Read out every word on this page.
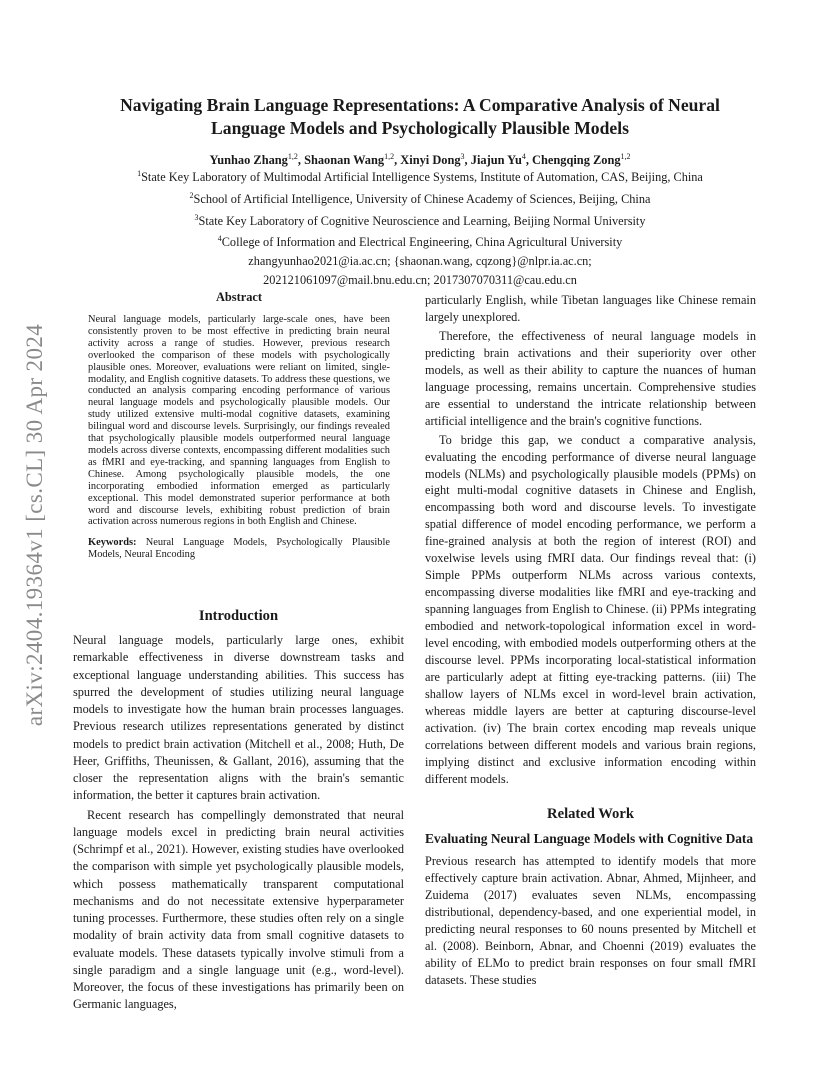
arXiv:2404.19364v1 [cs.CL] 30 Apr 2024
Navigating Brain Language Representations: A Comparative Analysis of Neural
Language Models and Psychologically Plausible Models
Yunhao Zhang$^{1,2}$, Shaonan Wang$^{1,2}$, Xinyi Dong$^3$, Jiajun Yu$^4$, Chengqing Zong$^{1,2}$
$^1$State Key Laboratory of Multimodal Artificial Intelligence Systems, Institute of Automation, CAS, Beijing, China
$^2$School of Artificial Intelligence, University of Chinese Academy of Sciences, Beijing, China
$^3$State Key Laboratory of Cognitive Neuroscience and Learning, Beijing Normal University
$^4$College of Information and Electrical Engineering, China Agricultural University
zhangyunhao2021@ia.ac.cn; {shaonan.wang, cqzong}@nlpr.ia.ac.cn;
202121061097@mail.bnu.edu.cn; 2017307070311@cau.edu.cn
Abstract

Neural language models, particularly large-scale ones, have been consistently proven to be most effective in predicting brain neural activity across a range of studies. However, previous research overlooked the comparison of these models with psychologically plausible ones. Moreover, evaluations were reliant on limited, single-modality, and English cognitive datasets. To address these questions, we conducted an analysis comparing encoding performance of various neural language models and psychologically plausible models. Our study utilized extensive multi-modal cognitive datasets, examining bilingual word and discourse levels. Surprisingly, our findings revealed that psychologically plausible models outperformed neural language models across diverse contexts, encompassing different modalities such as fMRI and eye-tracking, and spanning languages from English to Chinese. Among psychologically plausible models, the one incorporating embodied information emerged as particularly exceptional. This model demonstrated superior performance at both word and discourse levels, exhibiting robust prediction of brain activation across numerous regions in both English and Chinese.

Keywords: Neural Language Models, Psychologically Plausible Models, Neural Encoding
Introduction

Neural language models, particularly large ones, exhibit remarkable effectiveness in diverse downstream tasks and exceptional language understanding abilities. This success has spurred the development of studies utilizing neural language models to investigate how the human brain processes languages. Previous research utilizes representations generated by distinct models to predict brain activation (Mitchell et al., 2008; Huth, De Heer, Griffiths, Theunissen, & Gallant, 2016), assuming that the closer the representation aligns with the brain's semantic information, the better it captures brain activation.

Recent research has compellingly demonstrated that neural language models excel in predicting brain neural activities (Schrimpf et al., 2021). However, existing studies have overlooked the comparison with simple yet psychologically plausible models, which possess mathematically transparent computational mechanisms and do not necessitate extensive hyperparameter tuning processes. Furthermore, these studies often rely on a single modality of brain activity data from small cognitive datasets to evaluate models. These datasets typically involve stimuli from a single paradigm and a single language unit (e.g., word-level). Moreover, the focus of these investigations has primarily been on Germanic languages,

particularly English, while Tibetan languages like Chinese remain largely unexplored.

Therefore, the effectiveness of neural language models in predicting brain activations and their superiority over other models, as well as their ability to capture the nuances of human language processing, remains uncertain. Comprehensive studies are essential to understand the intricate relationship between artificial intelligence and the brain's cognitive functions.

To bridge this gap, we conduct a comparative analysis, evaluating the encoding performance of diverse neural language models (NLMs) and psychologically plausible models (PPMs) on eight multi-modal cognitive datasets in Chinese and English, encompassing both word and discourse levels. To investigate spatial difference of model encoding performance, we perform a fine-grained analysis at both the region of interest (ROI) and voxelwise levels using fMRI data. Our findings reveal that: (i) Simple PPMs outperform NLMs across various contexts, encompassing diverse modalities like fMRI and eye-tracking and spanning languages from English to Chinese. (ii) PPMs integrating embodied and network-topological information excel in word-level encoding, with embodied models outperforming others at the discourse level. PPMs incorporating local-statistical information are particularly adept at fitting eye-tracking patterns. (iii) The shallow layers of NLMs excel in word-level brain activation, whereas middle layers are better at capturing discourse-level activation. (iv) The brain cortex encoding map reveals unique correlations between different models and various brain regions, implying distinct and exclusive information encoding within different models.

Related Work
Evaluating Neural Language Models with Cognitive Data

Previous research has attempted to identify models that more effectively capture brain activation. Abnar, Ahmed, Mijnheer, and Zuidema (2017) evaluates seven NLMs, encompassing distributional, dependency-based, and one experiential model, in predicting neural responses to 60 nouns presented by Mitchell et al. (2008). Beinborn, Abnar, and Choenni (2019) evaluates the ability of ELMo to predict brain responses on four small fMRI datasets. These studies
